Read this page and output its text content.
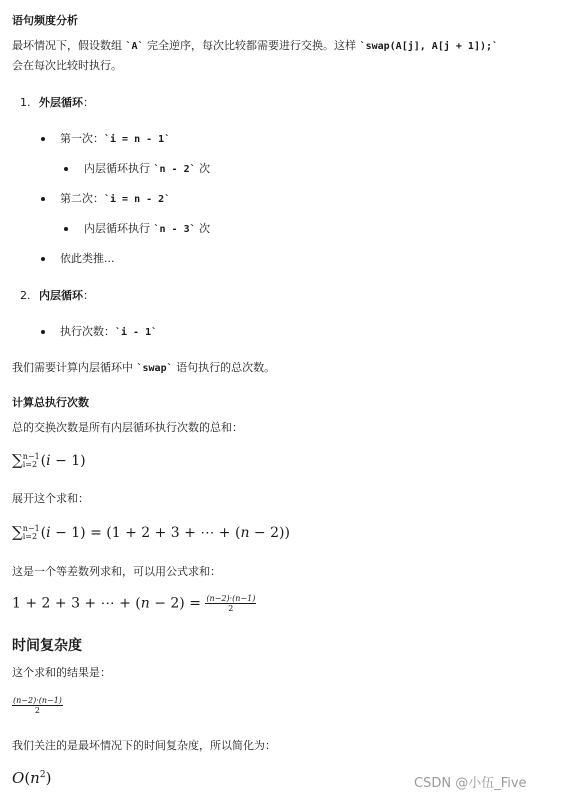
语句频度分析
最坏情况下，假设数组 `A` 完全逆序，每次比较都需要进行交换。这样 `swap(A[j], A[j + 1]);`
会在每次比较时执行。
1. 外层循环：
第一次：`i = n - 1`
内层循环执行 `n - 2` 次
第二次：`i = n - 2`
内层循环执行 `n - 3` 次
依此类推...
2. 内层循环：
执行次数：`i - 1`
我们需要计算内层循环中 `swap` 语句执行的总次数。
计算总执行次数
总的交换次数是所有内层循环执行次数的总和：
∑ n−1
i=2 (i − 1)
展开这个求和：
∑ n−1
i=2 (i − 1) = (1 + 2 + 3 + ⋯ + (n − 2))
这是一个等差数列求和，可以用公式求和：
1 + 2 + 3 + ⋯ + $(n - 2) = \frac{(n-2)\cdot(n-1)}{2}$
时间复杂度
这个求和的结果是：
$\frac{(n-2)\cdot(n-1)}{2}$
我们关注的是最坏情况下的时间复杂度，所以简化为：
$O(n^2)$	CSDN @小伍_Five
